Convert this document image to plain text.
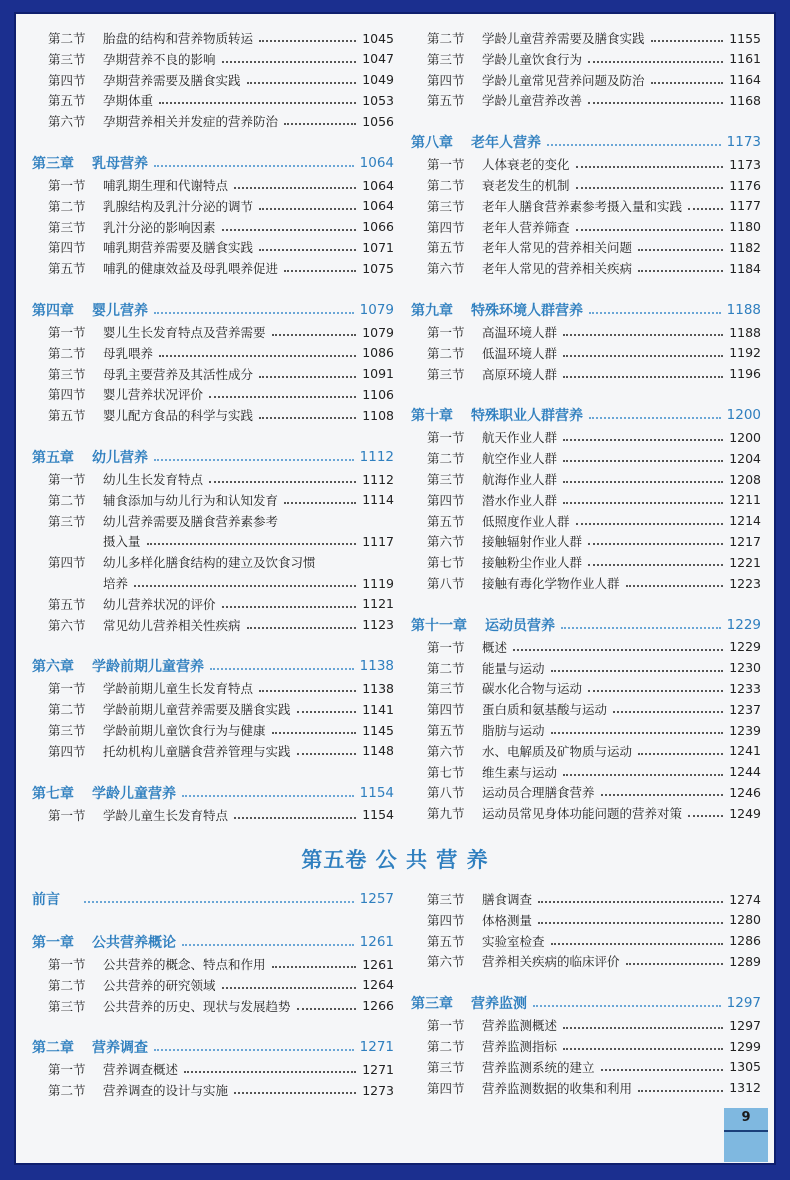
第二节	胎盘的结构和营养物质转运	1045
第三节	孕期营养不良的影响	1047
第四节	孕期营养需要及膳食实践	1049
第五节	孕期体重	1053
第六节	孕期营养相关并发症的营养防治	1056
第三章 乳母营养	1064
第一节	哺乳期生理和代谢特点	1064
第二节	乳腺结构及乳汁分泌的调节	1064
第三节	乳汁分泌的影响因素	1066
第四节	哺乳期营养需要及膳食实践	1071
第五节	哺乳的健康效益及母乳喂养促进	1075
第四章 婴儿营养	1079
第一节	婴儿生长发育特点及营养需要	1079
第二节	母乳喂养	1086
第三节	母乳主要营养及其活性成分	1091
第四节	婴儿营养状况评价	1106
第五节	婴儿配方食品的科学与实践	1108
第五章 幼儿营养	1112
第一节	幼儿生长发育特点	1112
第二节	辅食添加与幼儿行为和认知发育	1114
第三节	幼儿营养需要及膳食营养素参考
摄入量	1117
第四节	幼儿多样化膳食结构的建立及饮食习惯
培养	1119
第五节	幼儿营养状况的评价	1121
第六节	常见幼儿营养相关性疾病	1123
第六章 学龄前期儿童营养	1138
第一节	学龄前期儿童生长发育特点	1138
第二节	学龄前期儿童营养需要及膳食实践	1141
第三节	学龄前期儿童饮食行为与健康	1145
第四节	托幼机构儿童膳食营养管理与实践	1148
第七章 学龄儿童营养	1154
第一节	学龄儿童生长发育特点	1154
第二节	学龄儿童营养需要及膳食实践	1155
第三节	学龄儿童饮食行为	1161
第四节	学龄儿童常见营养问题及防治	1164
第五节	学龄儿童营养改善	1168
第八章 老年人营养	1173
第一节	人体衰老的变化	1173
第二节	衰老发生的机制	1176
第三节	老年人膳食营养素参考摄入量和实践	1177
第四节	老年人营养筛查	1180
第五节	老年人常见的营养相关问题	1182
第六节	老年人常见的营养相关疾病	1184
第九章 特殊环境人群营养	1188
第一节	高温环境人群	1188
第二节	低温环境人群	1192
第三节	高原环境人群	1196
第十章 特殊职业人群营养	1200
第一节	航天作业人群	1200
第二节	航空作业人群	1204
第三节	航海作业人群	1208
第四节	潜水作业人群	1211
第五节	低照度作业人群	1214
第六节	接触辐射作业人群	1217
第七节	接触粉尘作业人群	1221
第八节	接触有毒化学物作业人群	1223
第十一章 运动员营养	1229
第一节	概述	1229
第二节	能量与运动	1230
第三节	碳水化合物与运动	1233
第四节	蛋白质和氨基酸与运动	1237
第五节	脂肪与运动	1239
第六节	水、电解质及矿物质与运动	1241
第七节	维生素与运动	1244
第八节	运动员合理膳食营养	1246
第九节	运动员常见身体功能问题的营养对策	1249
第五卷 公 共 营 养
前言	1257
第一章 公共营养概论	1261
第一节	公共营养的概念、特点和作用	1261
第二节	公共营养的研究领域	1264
第三节	公共营养的历史、现状与发展趋势	1266
第二章 营养调查	1271
第一节	营养调查概述	1271
第二节	营养调查的设计与实施	1273
第三节	膳食调查	1274
第四节	体格测量	1280
第五节	实验室检查	1286
第六节	营养相关疾病的临床评价	1289
第三章 营养监测	1297
第一节	营养监测概述	1297
第二节	营养监测指标	1299
第三节	营养监测系统的建立	1305
第四节	营养监测数据的收集和利用	1312
9
